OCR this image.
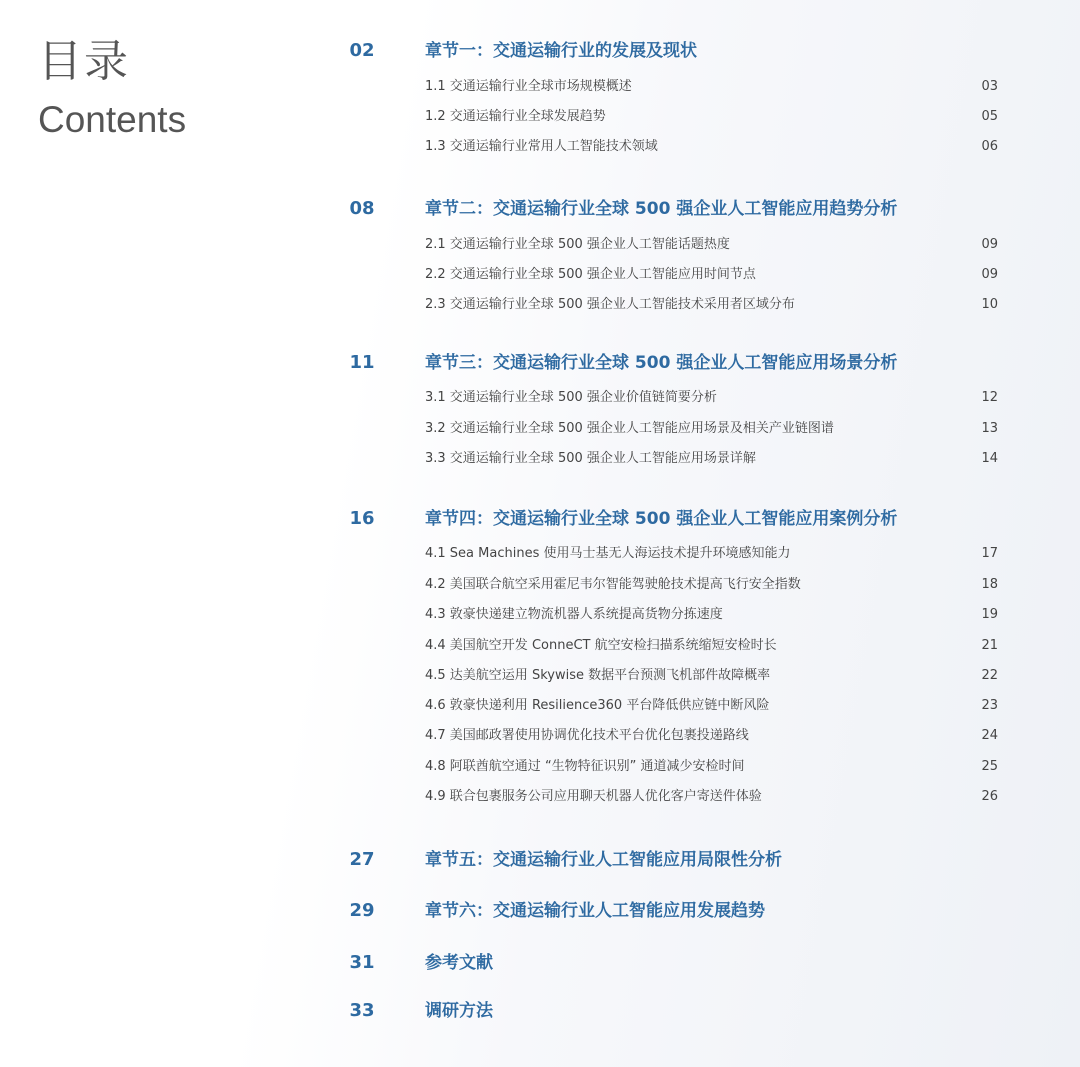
目录
Contents
02	章节一：交通运输行业的发展及现状
1.1 交通运输行业全球市场规模概述	03
1.2 交通运输行业全球发展趋势	05
1.3 交通运输行业常用人工智能技术领域	06
08	章节二：交通运输行业全球 500 强企业人工智能应用趋势分析
2.1 交通运输行业全球 500 强企业人工智能话题热度	09
2.2 交通运输行业全球 500 强企业人工智能应用时间节点	09
2.3 交通运输行业全球 500 强企业人工智能技术采用者区域分布	10
11	章节三：交通运输行业全球 500 强企业人工智能应用场景分析
3.1 交通运输行业全球 500 强企业价值链简要分析	12
3.2 交通运输行业全球 500 强企业人工智能应用场景及相关产业链图谱	13
3.3 交通运输行业全球 500 强企业人工智能应用场景详解	14
16	章节四：交通运输行业全球 500 强企业人工智能应用案例分析
4.1 Sea Machines 使用马士基无人海运技术提升环境感知能力	17
4.2 美国联合航空采用霍尼韦尔智能驾驶舱技术提高飞行安全指数	18
4.3 敦豪快递建立物流机器人系统提高货物分拣速度	19
4.4 美国航空开发 ConneCT 航空安检扫描系统缩短安检时长	21
4.5 达美航空运用 Skywise 数据平台预测飞机部件故障概率	22
4.6 敦豪快递利用 Resilience360 平台降低供应链中断风险	23
4.7 美国邮政署使用协调优化技术平台优化包裹投递路线	24
4.8 阿联酋航空通过 “生物特征识别” 通道减少安检时间	25
4.9 联合包裹服务公司应用聊天机器人优化客户寄送件体验	26
27	章节五：交通运输行业人工智能应用局限性分析
29	章节六：交通运输行业人工智能应用发展趋势
31	参考文献
33	调研方法
